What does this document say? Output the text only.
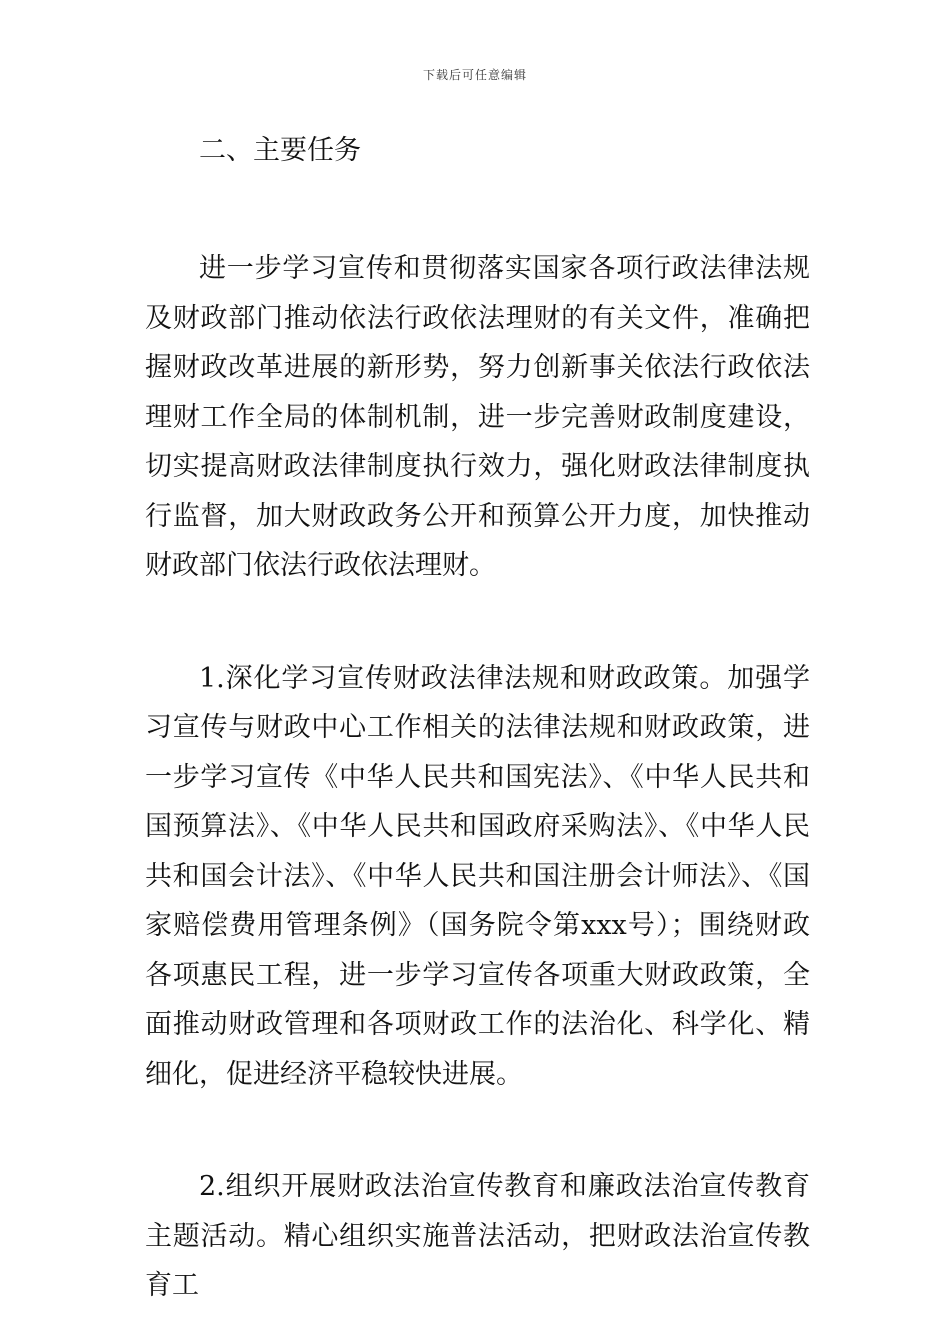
下载后可任意编辑

二、主要任务

进一步学习宣传和贯彻落实国家各项行政法律法规及财政部门推动依法行政依法理财的有关文件，准确把握财政改革进展的新形势，努力创新事关依法行政依法理财工作全局的体制机制，进一步完善财政制度建设，切实提高财政法律制度执行效力，强化财政法律制度执行监督，加大财政政务公开和预算公开力度，加快推动财政部门依法行政依法理财。

1.深化学习宣传财政法律法规和财政政策。加强学习宣传与财政中心工作相关的法律法规和财政政策，进一步学习宣传《中华人民共和国宪法》、《中华人民共和国预算法》、《中华人民共和国政府采购法》、《中华人民共和国会计法》、《中华人民共和国注册会计师法》、《国家赔偿费用管理条例》（国务院令第xxx号）；围绕财政各项惠民工程，进一步学习宣传各项重大财政政策，全面推动财政管理和各项财政工作的法治化、科学化、精细化，促进经济平稳较快进展。

2.组织开展财政法治宣传教育和廉政法治宣传教育主题活动。精心组织实施普法活动，把财政法治宣传教育工
